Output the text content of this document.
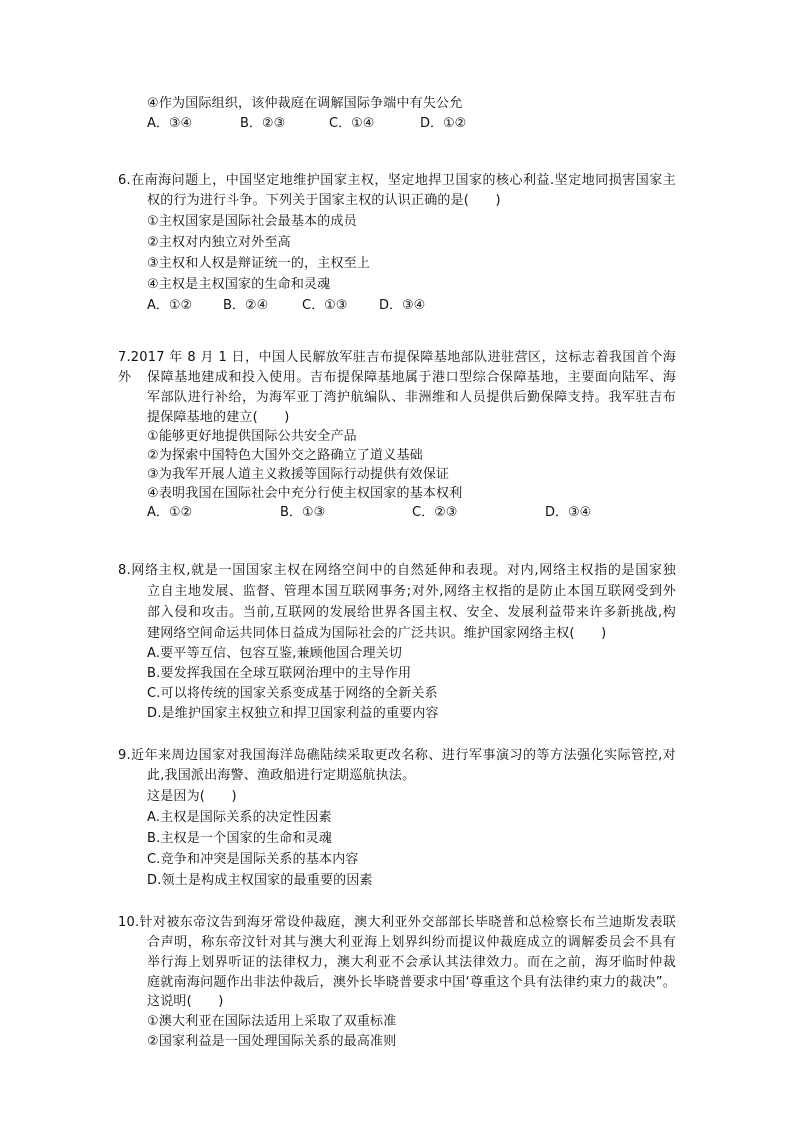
④作为国际组织，该仲裁庭在调解国际争端中有失公允
A．③④	B．②③	C．①④	D．①②
6.在南海问题上，中国坚定地维护国家主权，坚定地捍卫国家的核心利益.坚定地同损害国家主
权的行为进行斗争。下列关于国家主权的认识正确的是(　　)
①主权国家是国际社会最基本的成员
②主权对内独立对外至高
③主权和人权是辩证统一的，主权至上
④主权是主权国家的生命和灵魂
A．①② B．②④	C．①③ D．③④
7.2017 年 8 月 1 日，中国人民解放军驻吉布提保障基地部队进驻营区，这标志着我国首个海外	保障基地建成和投入使用。吉布提保障基地属于港口型综合保障基地，主要面向陆军、海
军部队进行补给，为海军亚丁湾护航编队、非洲维和人员提供后勤保障支持。我军驻吉布
提保障基地的建立(　　)
①能够更好地提供国际公共安全产品
②为探索中国特色大国外交之路确立了道义基础
③为我军开展人道主义救援等国际行动提供有效保证
④表明我国在国际社会中充分行使主权国家的基本权利
A．①②	B．①③	C．②③	D．③④
8.网络主权,就是一国国家主权在网络空间中的自然延伸和表现。对内,网络主权指的是国家独
立自主地发展、监督、管理本国互联网事务;对外,网络主权指的是防止本国互联网受到外
部入侵和攻击。当前,互联网的发展给世界各国主权、安全、发展利益带来许多新挑战,构
建网络空间命运共同体日益成为国际社会的广泛共识。维护国家网络主权(　　)
A.要平等互信、包容互鉴,兼顾他国合理关切
B.要发挥我国在全球互联网治理中的主导作用
C.可以将传统的国家关系变成基于网络的全新关系
D.是维护国家主权独立和捍卫国家利益的重要内容
9.近年来周边国家对我国海洋岛礁陆续采取更改名称、进行军事演习的等方法强化实际管控,对
此,我国派出海警、渔政船进行定期巡航执法。
这是因为(　　)
A.主权是国际关系的决定性因素
B.主权是一个国家的生命和灵魂
C.竞争和冲突是国际关系的基本内容
D.领土是构成主权国家的最重要的因素
10.针对被东帝汶告到海牙常设仲裁庭，澳大利亚外交部部长毕晓普和总检察长布兰迪斯发表联
合声明，称东帝汶针对其与澳大利亚海上划界纠纷而提议仲裁庭成立的调解委员会不具有
举行海上划界听证的法律权力，澳大利亚不会承认其法律效力。而在之前，海牙临时仲裁
庭就南海问题作出非法仲裁后，澳外长毕晓普要求中国‘尊重这个具有法律约束力的裁决”。
这说明(　　)
①澳大利亚在国际法适用上采取了双重标准
②国家利益是一国处理国际关系的最高准则
